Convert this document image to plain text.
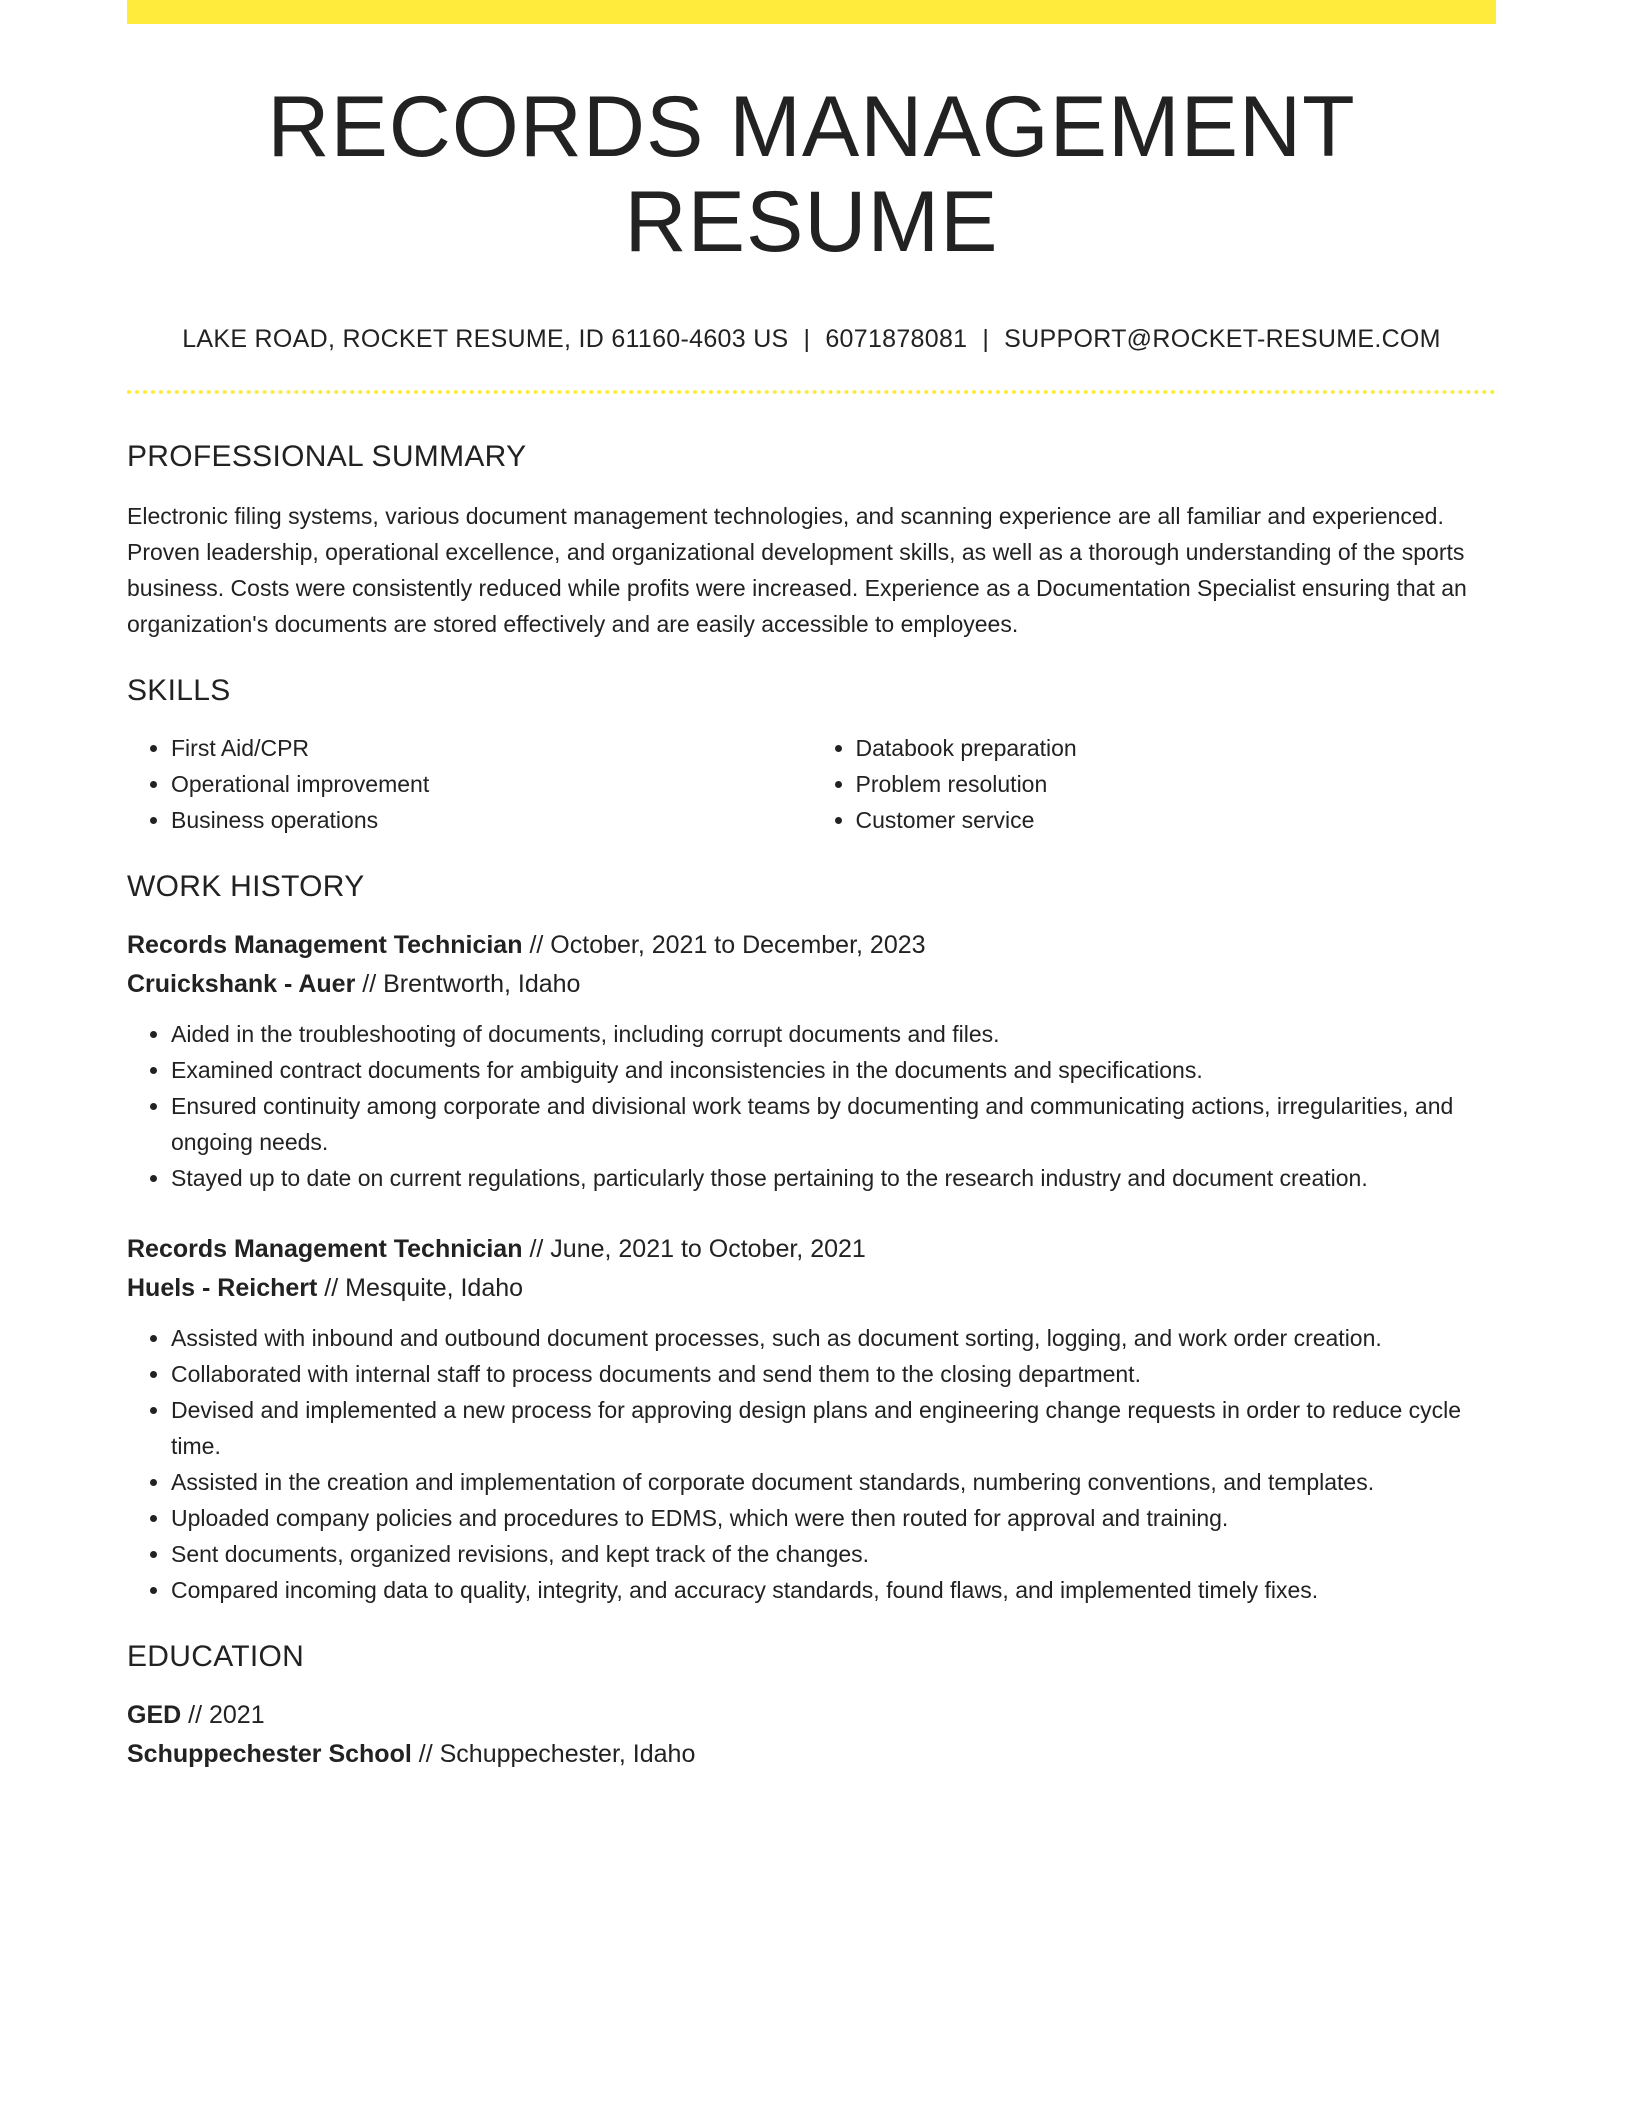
RECORDS MANAGEMENT RESUME
LAKE ROAD, ROCKET RESUME, ID 61160-4603 US | 6071878081 | SUPPORT@ROCKET-RESUME.COM
PROFESSIONAL SUMMARY
Electronic filing systems, various document management technologies, and scanning experience are all familiar and experienced. Proven leadership, operational excellence, and organizational development skills, as well as a thorough understanding of the sports business. Costs were consistently reduced while profits were increased. Experience as a Documentation Specialist ensuring that an organization's documents are stored effectively and are easily accessible to employees.
SKILLS
• First Aid/CPR
• Operational improvement
• Business operations
• Databook preparation
• Problem resolution
• Customer service
WORK HISTORY
Records Management Technician // October, 2021 to December, 2023
Cruickshank - Auer // Brentworth, Idaho
• Aided in the troubleshooting of documents, including corrupt documents and files.
• Examined contract documents for ambiguity and inconsistencies in the documents and specifications.
• Ensured continuity among corporate and divisional work teams by documenting and communicating actions, irregularities, and ongoing needs.
• Stayed up to date on current regulations, particularly those pertaining to the research industry and document creation.
Records Management Technician // June, 2021 to October, 2021
Huels - Reichert // Mesquite, Idaho
• Assisted with inbound and outbound document processes, such as document sorting, logging, and work order creation.
• Collaborated with internal staff to process documents and send them to the closing department.
• Devised and implemented a new process for approving design plans and engineering change requests in order to reduce cycle time.
• Assisted in the creation and implementation of corporate document standards, numbering conventions, and templates.
• Uploaded company policies and procedures to EDMS, which were then routed for approval and training.
• Sent documents, organized revisions, and kept track of the changes.
• Compared incoming data to quality, integrity, and accuracy standards, found flaws, and implemented timely fixes.
EDUCATION
GED // 2021
Schuppechester School // Schuppechester, Idaho
